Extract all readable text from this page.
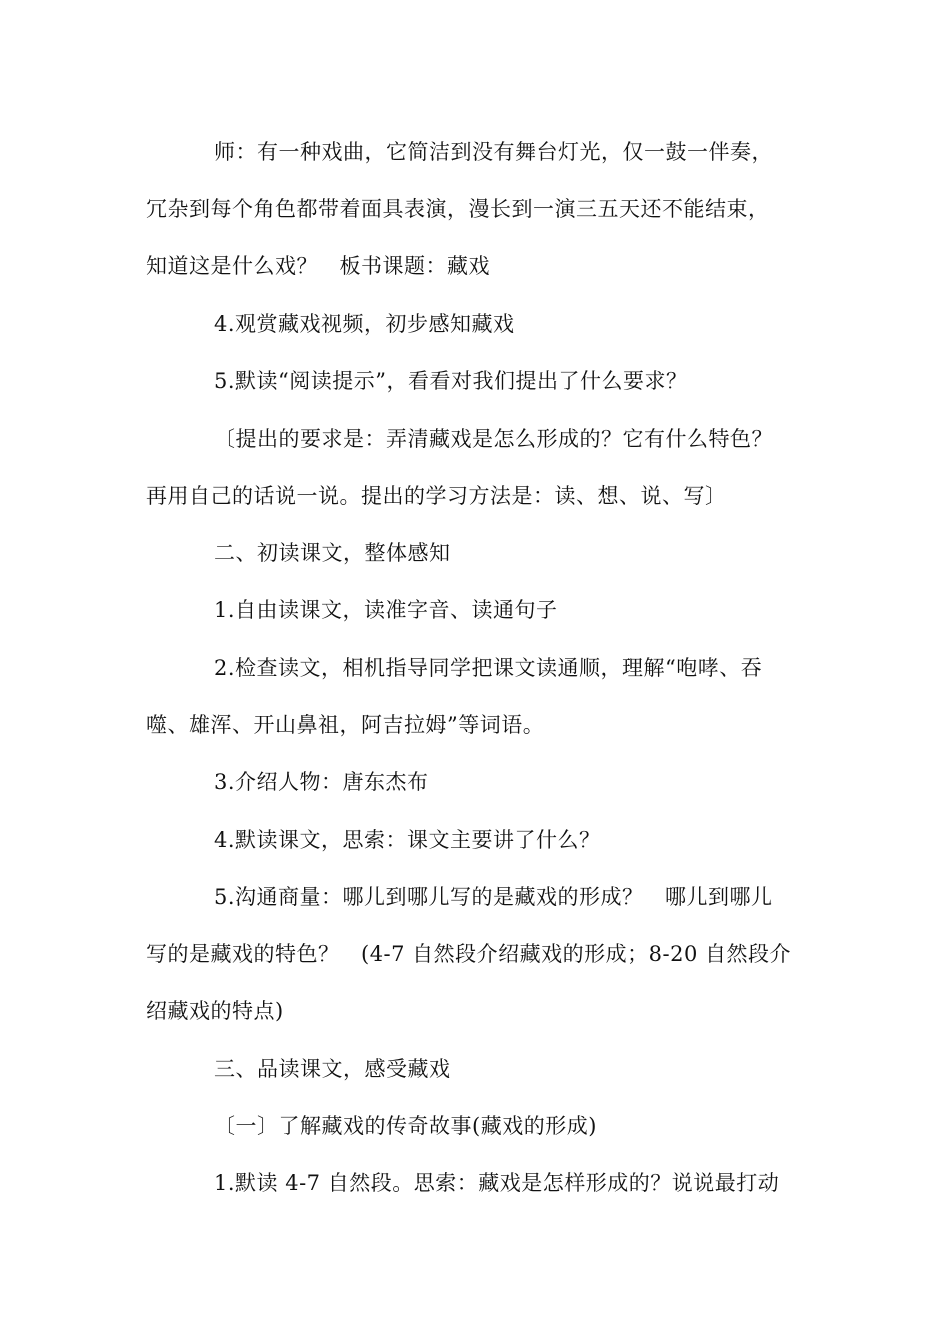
师：有一种戏曲，它简洁到没有舞台灯光，仅一鼓一伴奏，
冗杂到每个角色都带着面具表演，漫长到一演三五天还不能结束，
知道这是什么戏？　板书课题：藏戏
4.观赏藏戏视频，初步感知藏戏
5.默读“阅读提示”，看看对我们提出了什么要求？
〔提出的要求是：弄清藏戏是怎么形成的？它有什么特色？
再用自己的话说一说。提出的学习方法是：读、想、说、写〕
二、初读课文，整体感知
1.自由读课文，读准字音、读通句子
2.检查读文，相机指导同学把课文读通顺，理解“咆哮、吞
噬、雄浑、开山鼻祖，阿吉拉姆”等词语。
3.介绍人物：唐东杰布
4.默读课文，思索：课文主要讲了什么？
5.沟通商量：哪儿到哪儿写的是藏戏的形成？　哪儿到哪儿
写的是藏戏的特色？　(4-7 自然段介绍藏戏的形成；8-20 自然段介
绍藏戏的特点)
三、品读课文，感受藏戏
〔一〕了解藏戏的传奇故事(藏戏的形成)
1.默读 4-7 自然段。思索：藏戏是怎样形成的？说说最打动
